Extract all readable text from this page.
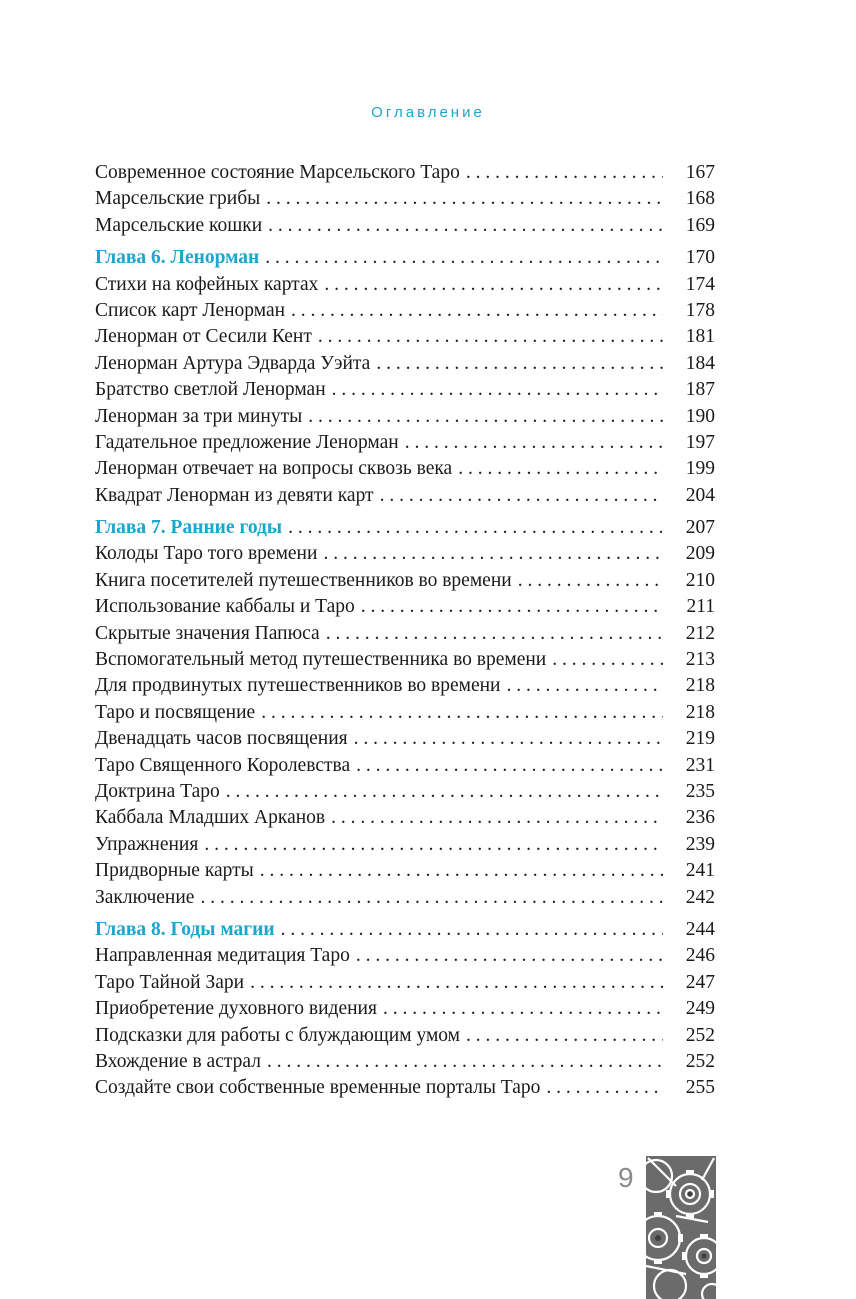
Оглавление
Современное состояние Марсельского Таро . . .	167
Марсельские грибы . . .	168
Марсельские кошки . . .	169
Глава 6. Ленорман . . .	170
Стихи на кофейных картах . . .	174
Список карт Ленорман . . .	178
Ленорман от Сесили Кент . . .	181
Ленорман Артура Эдварда Уэйта . . .	184
Братство светлой Ленорман . . .	187
Ленорман за три минуты . . .	190
Гадательное предложение Ленорман . . .	197
Ленорман отвечает на вопросы сквозь века . . .	199
Квадрат Ленорман из девяти карт . . .	204
Глава 7. Ранние годы . . .	207
Колоды Таро того времени . . .	209
Книга посетителей путешественников во времени . . .	210
Использование каббалы и Таро . . .	211
Скрытые значения Папюса . . .	212
Вспомогательный метод путешественника во времени . . .	213
Для продвинутых путешественников во времени . . .	218
Таро и посвящение . . .	218
Двенадцать часов посвящения . . .	219
Таро Священного Королевства . . .	231
Доктрина Таро . . .	235
Каббала Младших Арканов . . .	236
Упражнения . . .	239
Придворные карты . . .	241
Заключение . . .	242
Глава 8. Годы магии . . .	244
Направленная медитация Таро . . .	246
Таро Тайной Зари . . .	247
Приобретение духовного видения . . .	249
Подсказки для работы с блуждающим умом . . .	252
Вхождение в астрал . . .	252
Создайте свои собственные временные порталы Таро . . .	255
9
